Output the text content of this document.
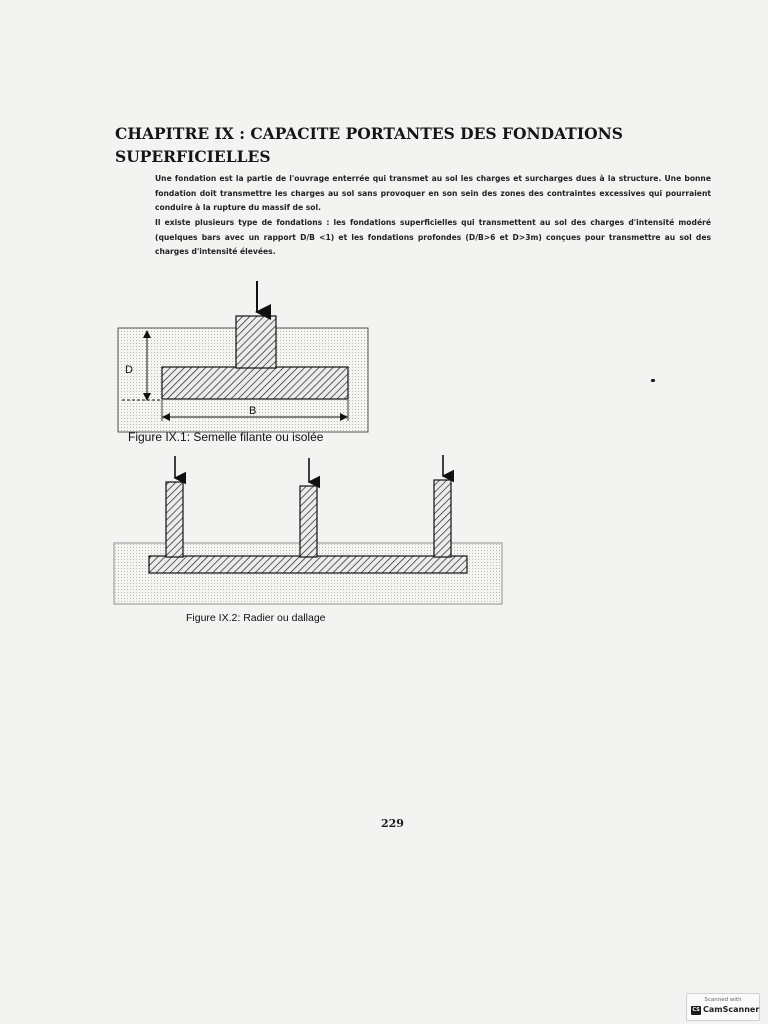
CHAPITRE IX : CAPACITE PORTANTES DES FONDATIONS
SUPERFICIELLES
Une fondation est la partie de l'ouvrage enterrée qui transmet au sol les charges et surcharges dues à la structure. Une bonne fondation doit transmettre les charges au sol sans provoquer en son sein des zones des contraintes excessives qui pourraient conduire à la rupture du massif de sol.
Il existe plusieurs type de fondations : les fondations superficielles qui transmettent au sol des charges d'intensité modéré (quelques bars avec un rapport D/B <1) et les fondations profondes (D/B>6 et D>3m) conçues pour transmettre au sol des charges d'intensité élevées.
D
B
Figure IX.1: Semelle filante ou isolée
Figure IX.2: Radier ou dallage
229
Scanned with
CS CamScanner
